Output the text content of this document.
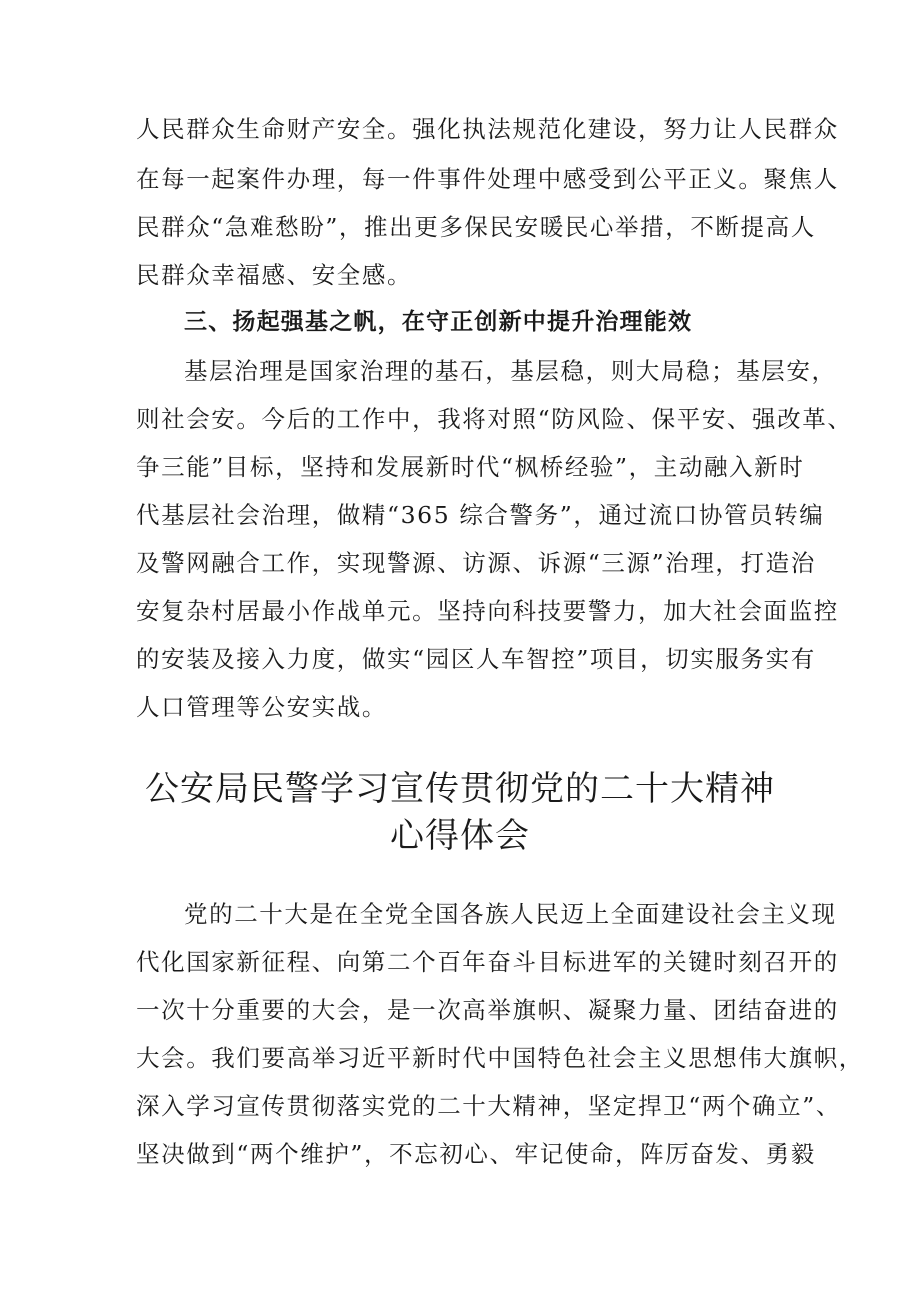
人民群众生命财产安全。强化执法规范化建设，努力让人民群众
在每一起案件办理，每一件事件处理中感受到公平正义。聚焦人
民群众“急难愁盼”，推出更多保民安暖民心举措，不断提高人
民群众幸福感、安全感。
三、扬起强基之帆，在守正创新中提升治理能效
基层治理是国家治理的基石，基层稳，则大局稳；基层安，
则社会安。今后的工作中，我将对照“防风险、保平安、强改革、
争三能”目标，坚持和发展新时代“枫桥经验”，主动融入新时
代基层社会治理，做精“365 综合警务”，通过流口协管员转编
及警网融合工作，实现警源、访源、诉源“三源”治理，打造治
安复杂村居最小作战单元。坚持向科技要警力，加大社会面监控
的安装及接入力度，做实“园区人车智控”项目，切实服务实有
人口管理等公安实战。
公安局民警学习宣传贯彻党的二十大精神
心得体会
党的二十大是在全党全国各族人民迈上全面建设社会主义现
代化国家新征程、向第二个百年奋斗目标进军的关键时刻召开的
一次十分重要的大会，是一次高举旗帜、凝聚力量、团结奋进的
大会。我们要高举习近平新时代中国特色社会主义思想伟大旗帜，
深入学习宣传贯彻落实党的二十大精神，坚定捍卫“两个确立”、
坚决做到“两个维护”，不忘初心、牢记使命，阵厉奋发、勇毅
